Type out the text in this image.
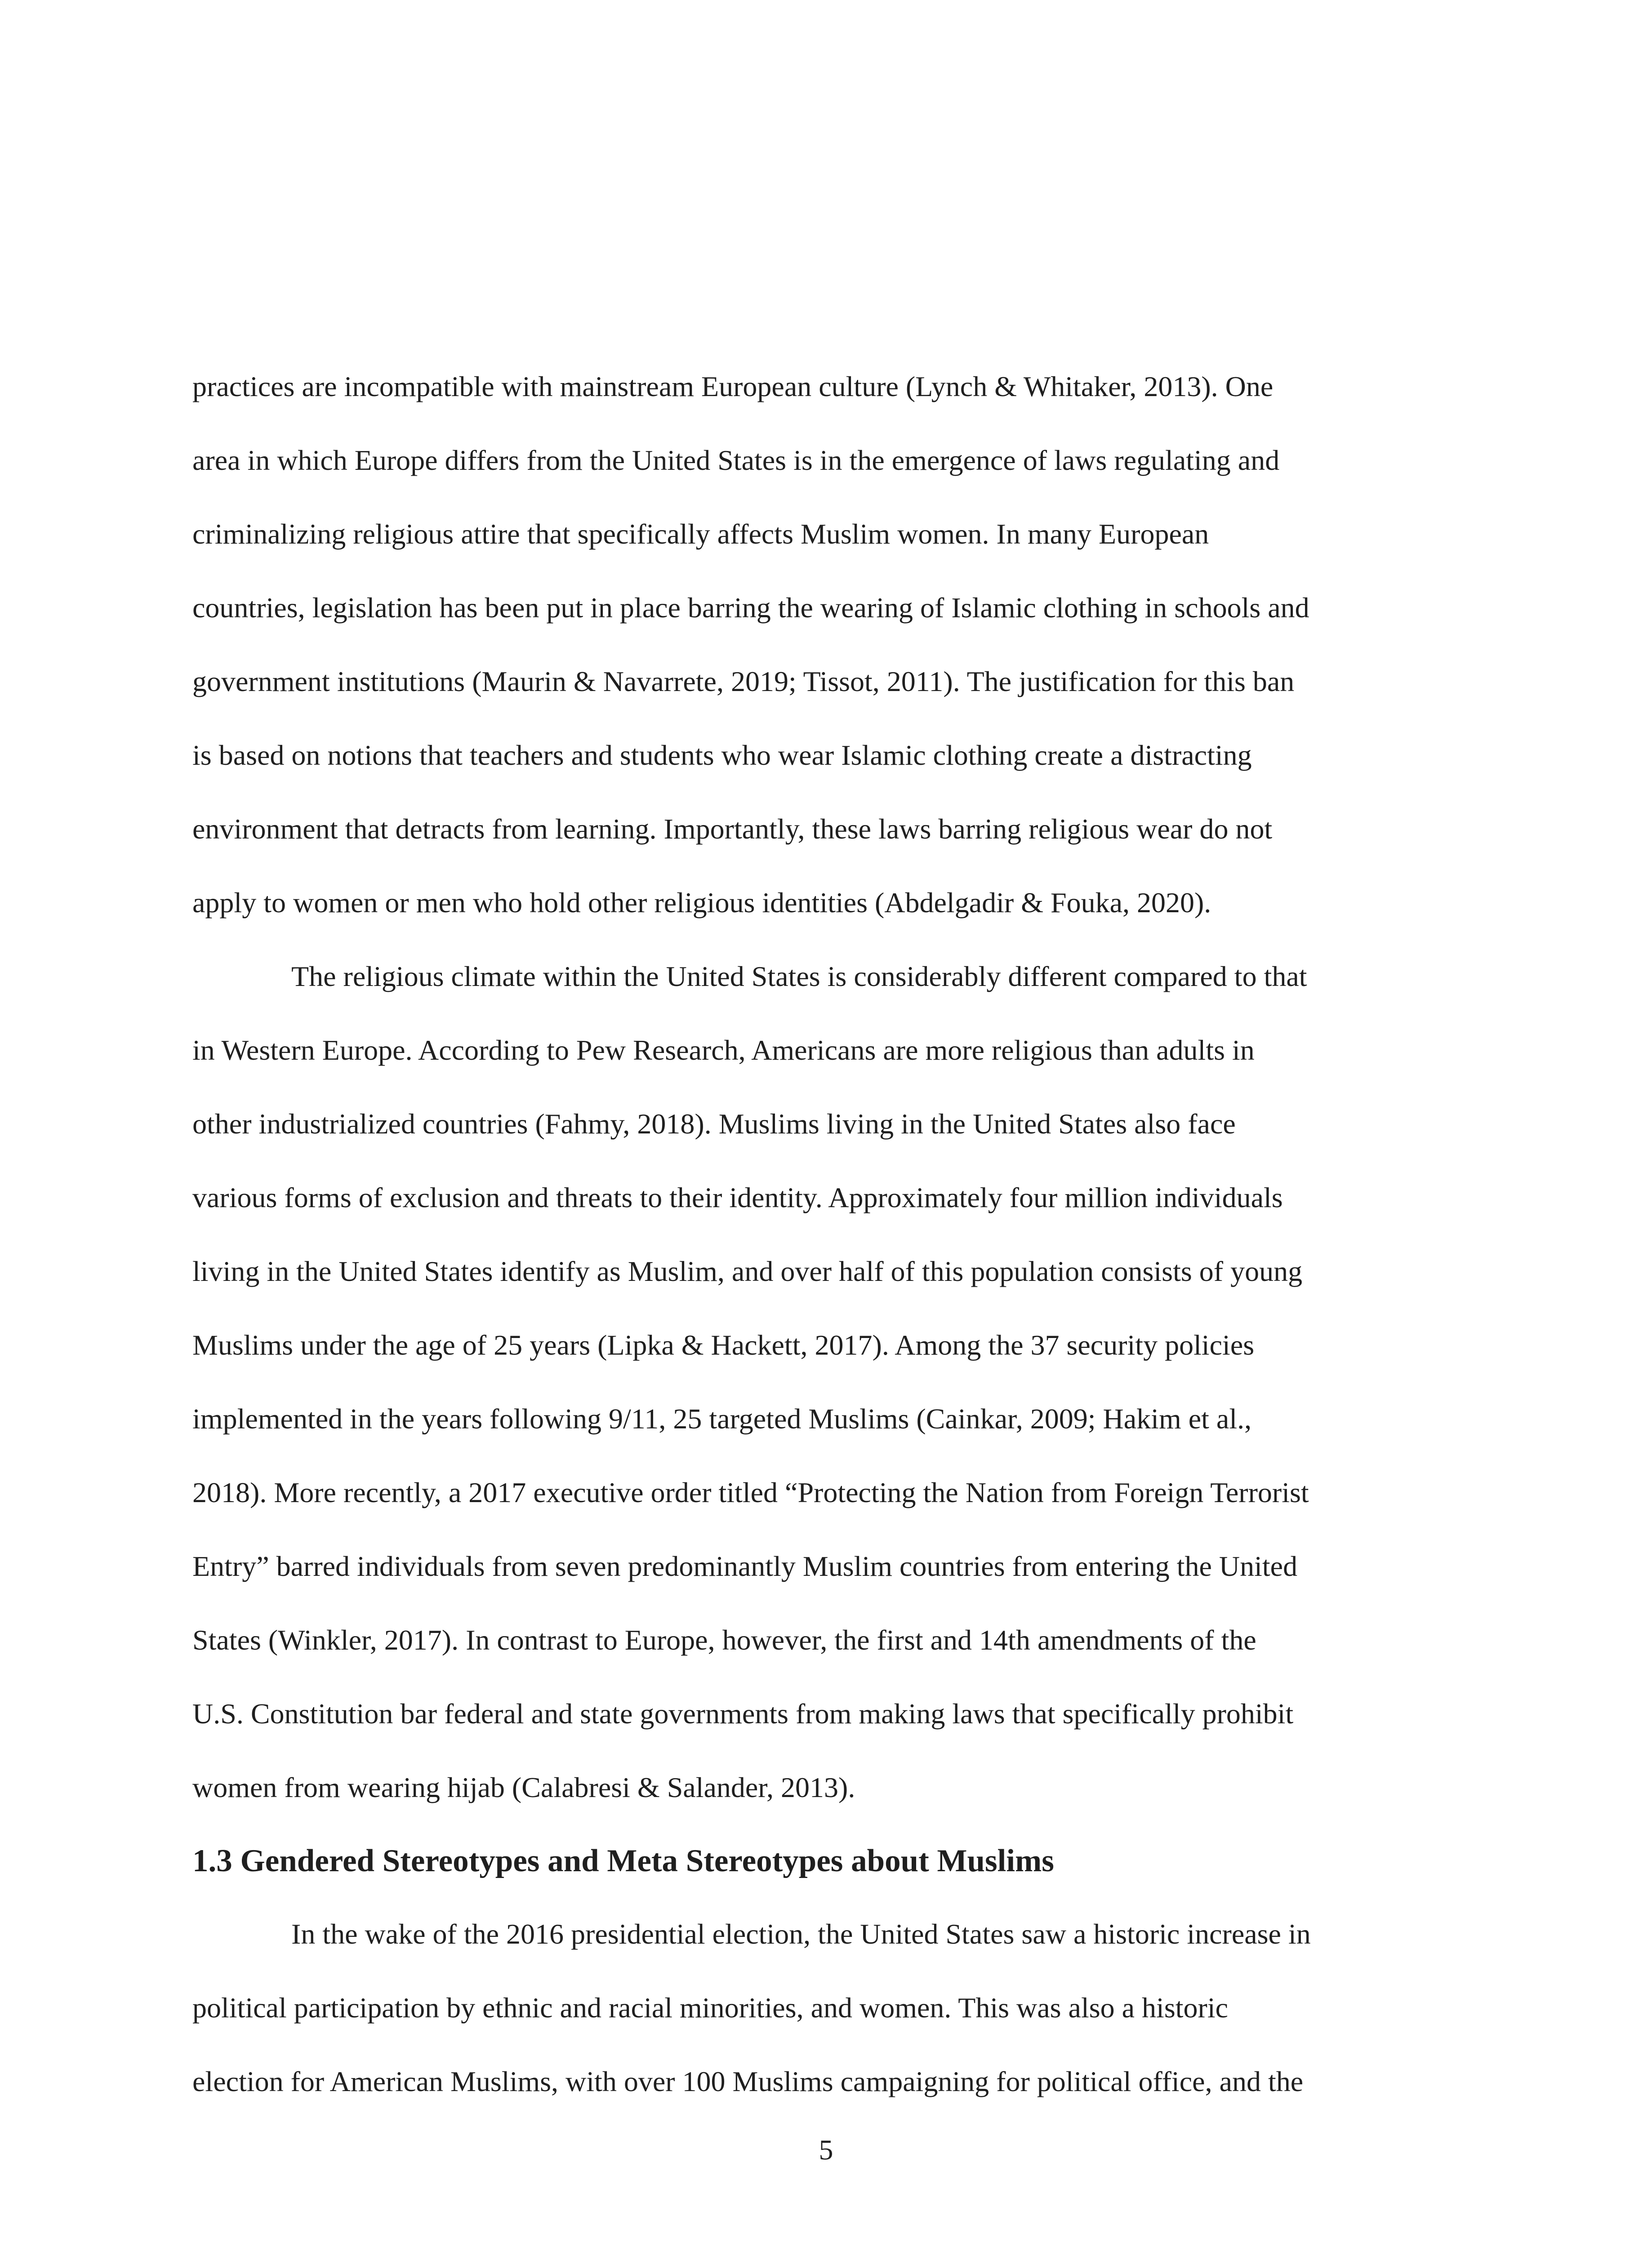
practices are incompatible with mainstream European culture (Lynch & Whitaker, 2013). One
area in which Europe differs from the United States is in the emergence of laws regulating and
criminalizing religious attire that specifically affects Muslim women. In many European
countries, legislation has been put in place barring the wearing of Islamic clothing in schools and
government institutions (Maurin & Navarrete, 2019; Tissot, 2011). The justification for this ban
is based on notions that teachers and students who wear Islamic clothing create a distracting
environment that detracts from learning. Importantly, these laws barring religious wear do not
apply to women or men who hold other religious identities (Abdelgadir & Fouka, 2020).
The religious climate within the United States is considerably different compared to that
in Western Europe. According to Pew Research, Americans are more religious than adults in
other industrialized countries (Fahmy, 2018). Muslims living in the United States also face
various forms of exclusion and threats to their identity. Approximately four million individuals
living in the United States identify as Muslim, and over half of this population consists of young
Muslims under the age of 25 years (Lipka & Hackett, 2017). Among the 37 security policies
implemented in the years following 9/11, 25 targeted Muslims (Cainkar, 2009; Hakim et al.,
2018). More recently, a 2017 executive order titled “Protecting the Nation from Foreign Terrorist
Entry” barred individuals from seven predominantly Muslim countries from entering the United
States (Winkler, 2017). In contrast to Europe, however, the first and 14th amendments of the
U.S. Constitution bar federal and state governments from making laws that specifically prohibit
women from wearing hijab (Calabresi & Salander, 2013).
1.3 Gendered Stereotypes and Meta Stereotypes about Muslims
In the wake of the 2016 presidential election, the United States saw a historic increase in
political participation by ethnic and racial minorities, and women. This was also a historic
election for American Muslims, with over 100 Muslims campaigning for political office, and the
5
